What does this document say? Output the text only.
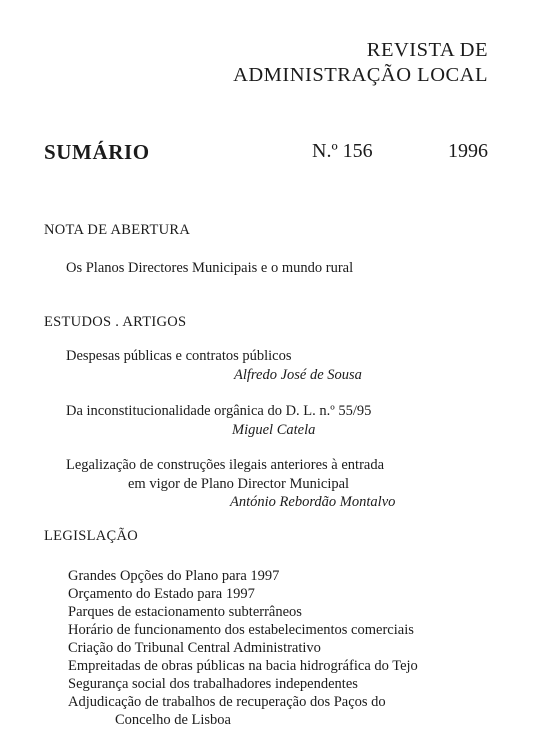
REVISTA DE
ADMINISTRAÇÃO LOCAL
SUMÁRIO	N.º 156	1996
NOTA DE ABERTURA
Os Planos Directores Municipais e o mundo rural
ESTUDOS . ARTIGOS
Despesas públicas e contratos públicos
Alfredo José de Sousa
Da inconstitucionalidade orgânica do D. L. n.º 55/95
Miguel Catela
Legalização de construções ilegais anteriores à entrada
em vigor de Plano Director Municipal
António Rebordão Montalvo
LEGISLAÇÃO
Grandes Opções do Plano para 1997
Orçamento do Estado para 1997
Parques de estacionamento subterrâneos
Horário de funcionamento dos estabelecimentos comerciais
Criação do Tribunal Central Administrativo
Empreitadas de obras públicas na bacia hidrográfica do Tejo
Segurança social dos trabalhadores independentes
Adjudicação de trabalhos de recuperação dos Paços do
Concelho de Lisboa
